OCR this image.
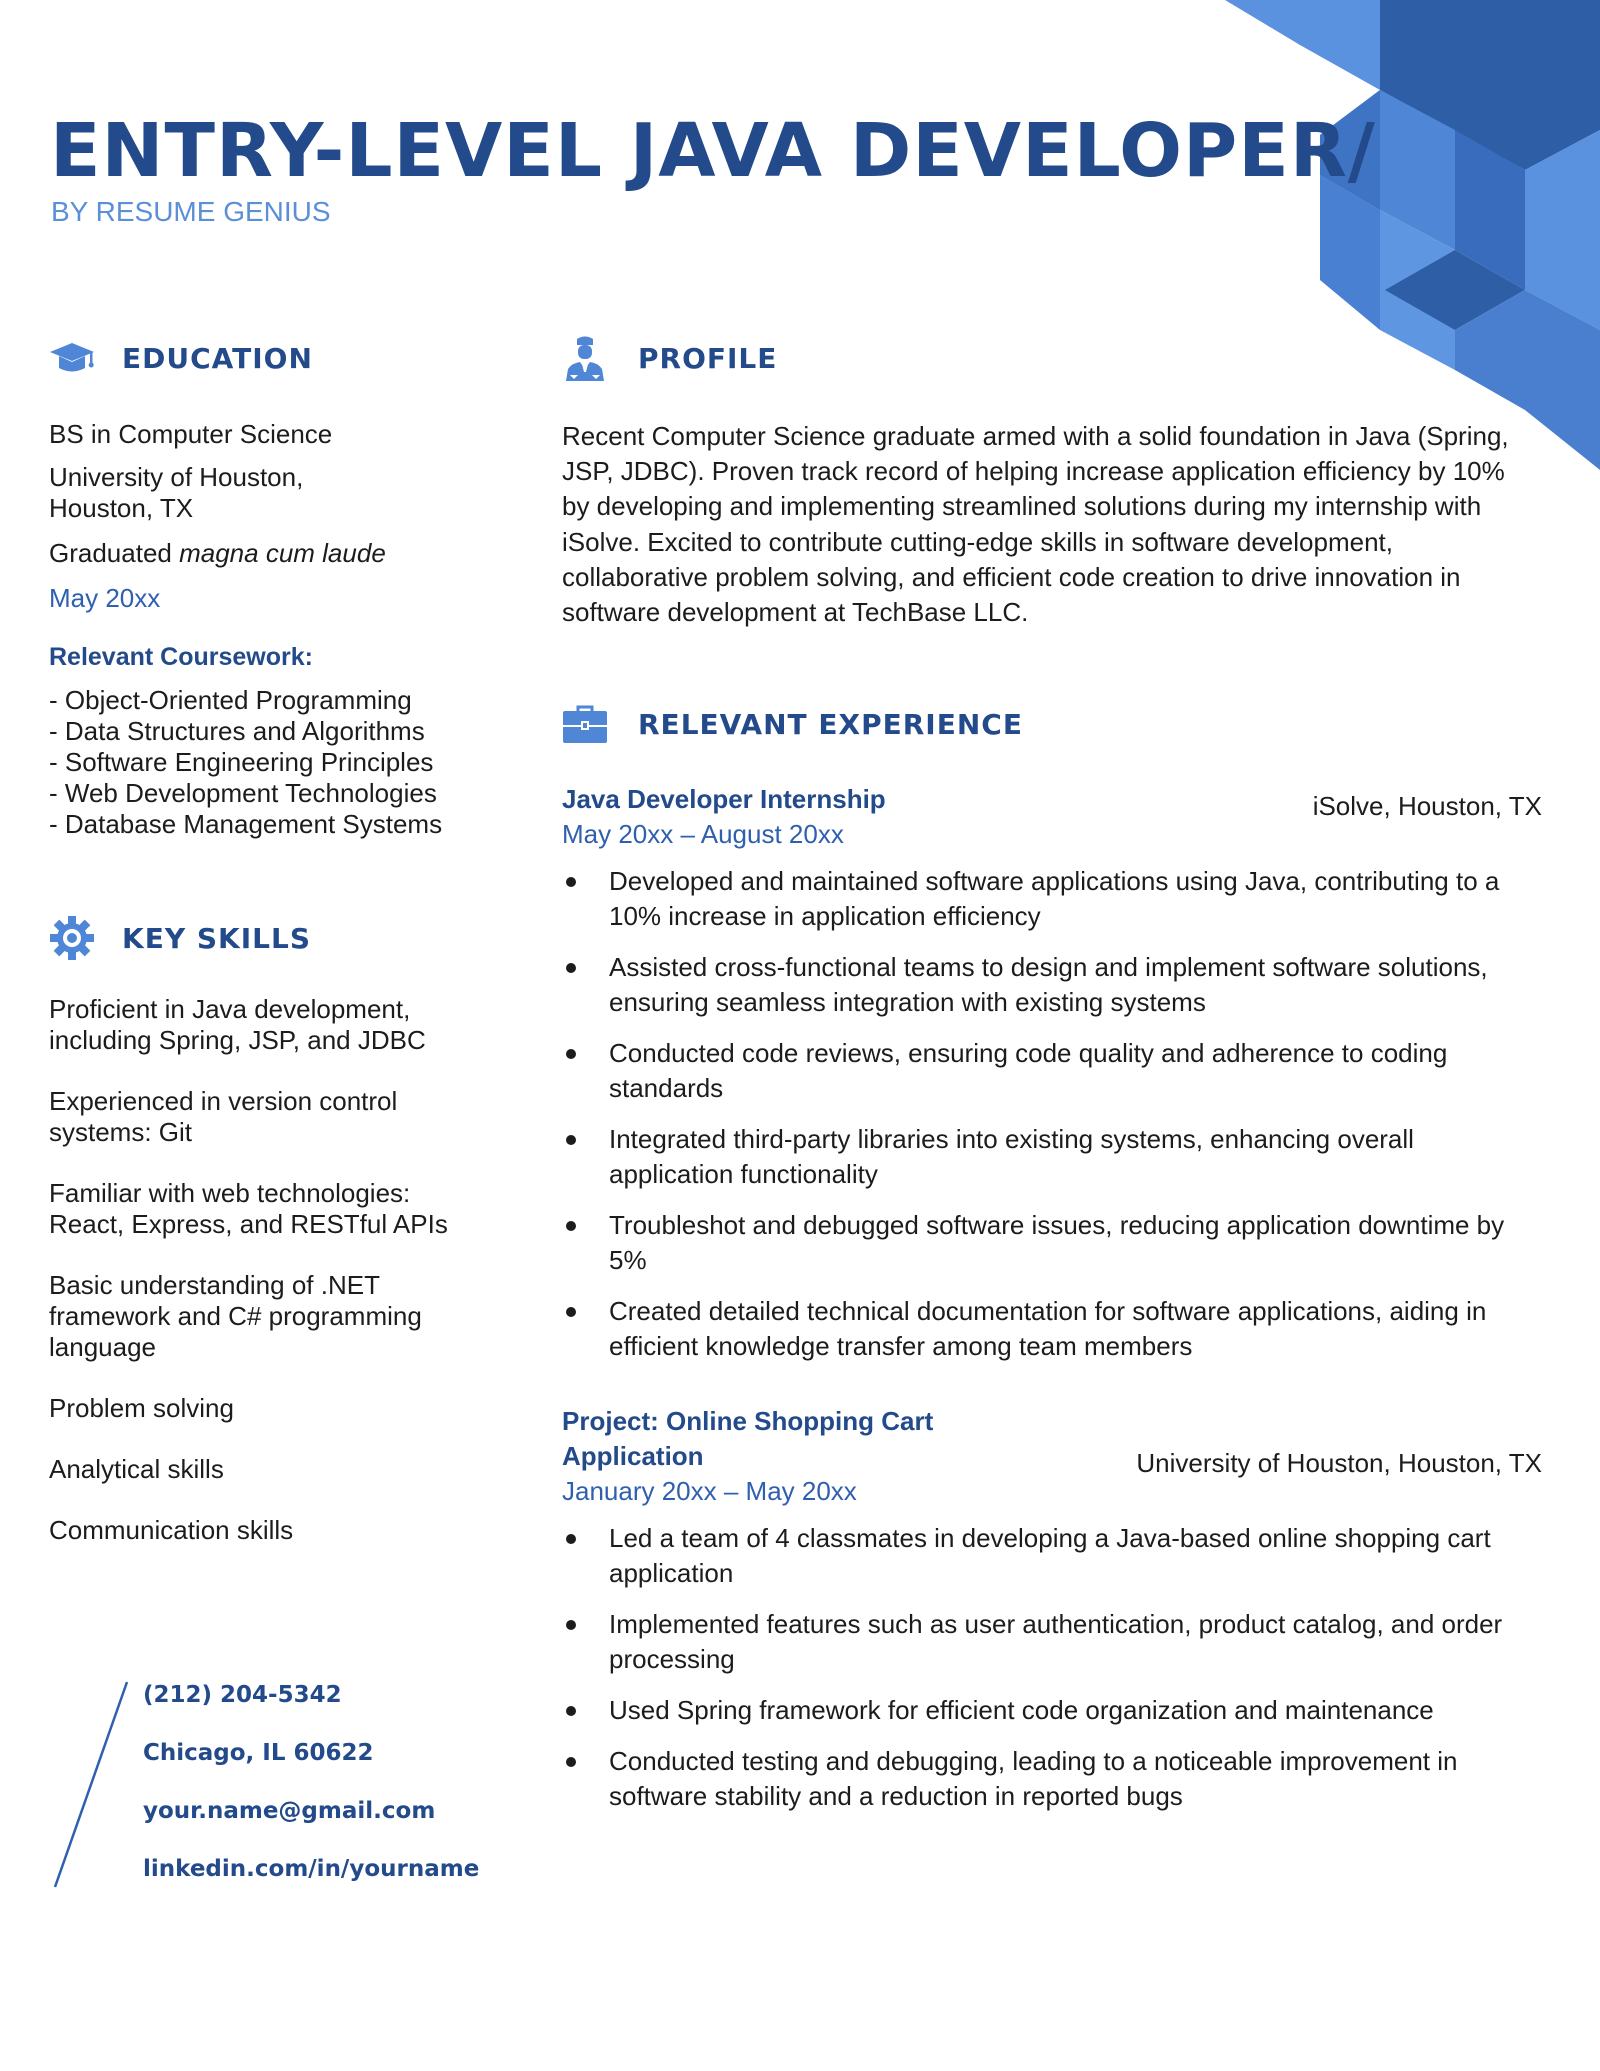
ENTRY-LEVEL JAVA DEVELOPER/
BY RESUME GENIUS
EDUCATION
BS in Computer Science
University of Houston,
Houston, TX
Graduated magna cum laude
May 20xx
Relevant Coursework:
- Object-Oriented Programming
- Data Structures and Algorithms
- Software Engineering Principles
- Web Development Technologies
- Database Management Systems
KEY SKILLS
Proficient in Java development,
including Spring, JSP, and JDBC
Experienced in version control
systems: Git
Familiar with web technologies:
React, Express, and RESTful APIs
Basic understanding of .NET
framework and C# programming
language
Problem solving
Analytical skills
Communication skills
(212) 204-5342
Chicago, IL 60622
your.name@gmail.com
linkedin.com/in/yourname
PROFILE
Recent Computer Science graduate armed with a solid foundation in Java (Spring, JSP, JDBC). Proven track record of helping increase application efficiency by 10% by developing and implementing streamlined solutions during my internship with iSolve. Excited to contribute cutting-edge skills in software development, collaborative problem solving, and efficient code creation to drive innovation in software development at TechBase LLC.
RELEVANT EXPERIENCE
Java Developer Internship
May 20xx – August 20xx
iSolve, Houston, TX
Developed and maintained software applications using Java, contributing to a 10% increase in application efficiency
Assisted cross-functional teams to design and implement software solutions, ensuring seamless integration with existing systems
Conducted code reviews, ensuring code quality and adherence to coding standards
Integrated third-party libraries into existing systems, enhancing overall application functionality
Troubleshot and debugged software issues, reducing application downtime by 5%
Created detailed technical documentation for software applications, aiding in efficient knowledge transfer among team members
Project: Online Shopping Cart
Application
January 20xx – May 20xx
University of Houston, Houston, TX
Led a team of 4 classmates in developing a Java-based online shopping cart application
Implemented features such as user authentication, product catalog, and order processing
Used Spring framework for efficient code organization and maintenance
Conducted testing and debugging, leading to a noticeable improvement in software stability and a reduction in reported bugs
